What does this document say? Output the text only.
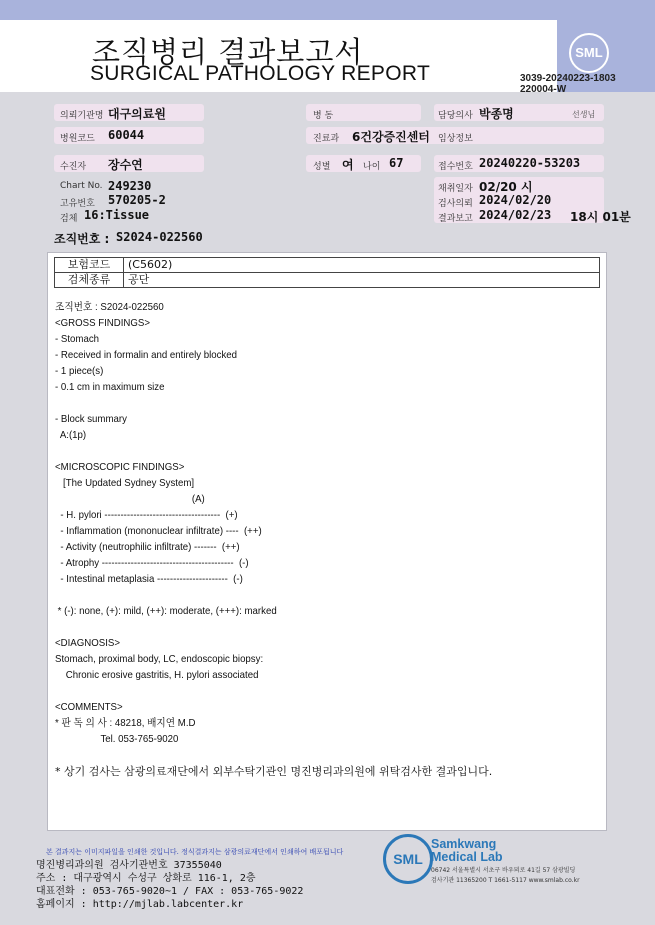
조직병리 결과보고서
SURGICAL PATHOLOGY REPORT
SML
3039-20240223-1803
220004-W
의뢰기관명 대구의료원	병 동	담당의사 박종명	선생님
병원코드 60044	진료과 6건강증진센터 임상정보
수진자 장수연	성별 여 나이 67	접수번호 20240220-53203
Chart No. 249230
고유번호 570205-2
검체 16:Tissue
채취일자 02/20 시
검사의뢰 2024/02/20
결과보고 2024/02/23 18시 01분
조직번호 : S2024-022560
보험코드	(C5602)
검체종류	공단
조직번호 : S2024-022560
<GROSS FINDINGS>
- Stomach
- Received in formalin and entirely blocked
- 1 piece(s)
- 0.1 cm in maximum size
- Block summary
A:(1p)
<MICROSCOPIC FINDINGS>
[The Updated Sydney System]
(A)
- H. pylori ------------------------------------  (+)
- Inflammation (mononuclear infiltrate) ----  (++)
- Activity (neutrophilic infiltrate) -------  (++)
- Atrophy -----------------------------------------  (-)
- Intestinal metaplasia ----------------------  (-)
* (-): none, (+): mild, (++): moderate, (+++): marked
<DIAGNOSIS>
Stomach, proximal body, LC, endoscopic biopsy:
Chronic erosive gastritis, H. pylori associated
<COMMENTS>
* 판 독 의 사 : 48218, 배지연 M.D
Tel. 053-765-9020
* 상기 검사는 삼광의료재단에서 외부수탁기관인 명진병리과의원에 위탁검사한 결과입니다.
본 결과지는 이미지파일을 인쇄한 것입니다. 정식결과지는 삼광의료재단에서 인쇄하여 배포됩니다
명진병리과의원 검사기관번호 37355040
주소 : 대구광역시 수성구 상화로 116-1, 2층
대표전화 : 053-765-9020~1 / FAX : 053-765-9022
홈페이지 : http://mjlab.labcenter.kr
SML
Samkwang
Medical Lab
06742 서울특별시 서초구 바우뫼로 41길 57 삼광빌딩
검사기관 11365200 T 1661-5117 www.smlab.co.kr
